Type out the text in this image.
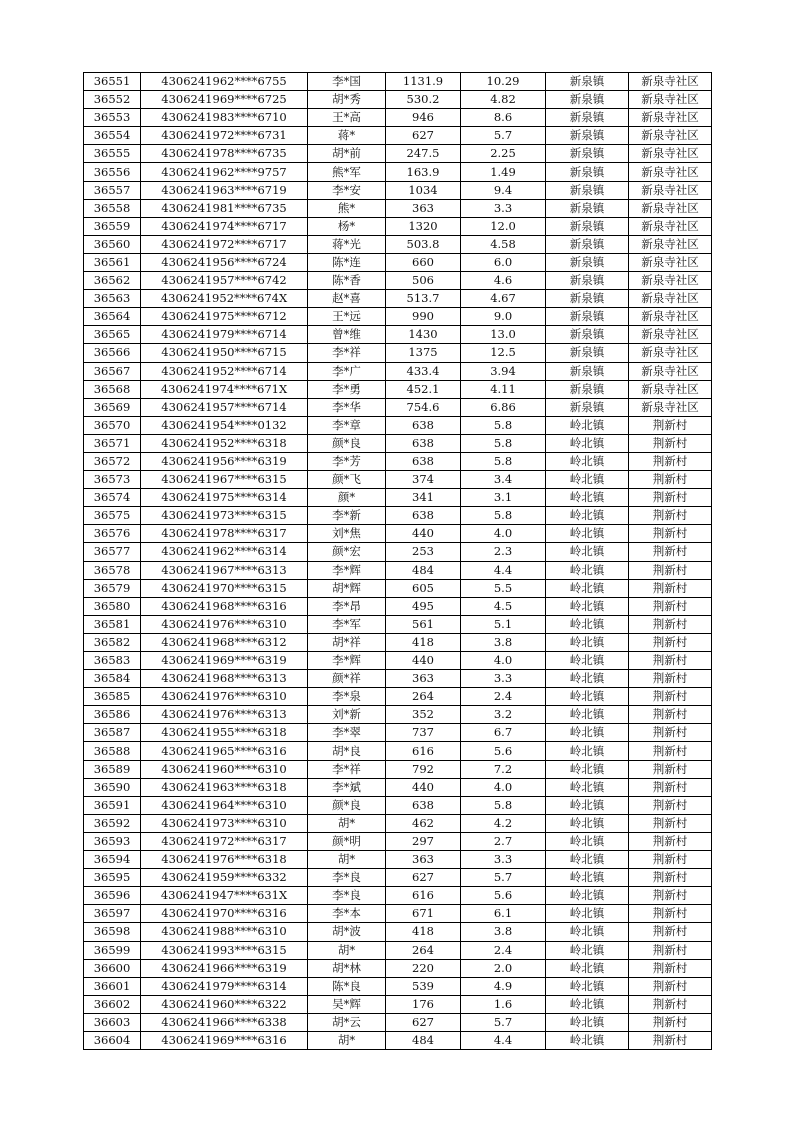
36551	4306241962****6755	李*国	1131.9	10.29	新泉镇	新泉寺社区
36552	4306241969****6725	胡*秀	530.2	4.82	新泉镇	新泉寺社区
36553	4306241983****6710	王*高	946	8.6	新泉镇	新泉寺社区
36554	4306241972****6731	蒋*	627	5.7	新泉镇	新泉寺社区
36555	4306241978****6735	胡*前	247.5	2.25	新泉镇	新泉寺社区
36556	4306241962****9757	熊*军	163.9	1.49	新泉镇	新泉寺社区
36557	4306241963****6719	李*安	1034	9.4	新泉镇	新泉寺社区
36558	4306241981****6735	熊*	363	3.3	新泉镇	新泉寺社区
36559	4306241974****6717	杨*	1320	12.0	新泉镇	新泉寺社区
36560	4306241972****6717	蒋*光	503.8	4.58	新泉镇	新泉寺社区
36561	4306241956****6724	陈*连	660	6.0	新泉镇	新泉寺社区
36562	4306241957****6742	陈*香	506	4.6	新泉镇	新泉寺社区
36563	4306241952****674X	赵*喜	513.7	4.67	新泉镇	新泉寺社区
36564	4306241975****6712	王*远	990	9.0	新泉镇	新泉寺社区
36565	4306241979****6714	曾*维	1430	13.0	新泉镇	新泉寺社区
36566	4306241950****6715	李*祥	1375	12.5	新泉镇	新泉寺社区
36567	4306241952****6714	李*广	433.4	3.94	新泉镇	新泉寺社区
36568	4306241974****671X	李*勇	452.1	4.11	新泉镇	新泉寺社区
36569	4306241957****6714	李*华	754.6	6.86	新泉镇	新泉寺社区
36570	4306241954****0132	李*章	638	5.8	岭北镇	荆新村
36571	4306241952****6318	颜*良	638	5.8	岭北镇	荆新村
36572	4306241956****6319	李*芳	638	5.8	岭北镇	荆新村
36573	4306241967****6315	颜*飞	374	3.4	岭北镇	荆新村
36574	4306241975****6314	颜*	341	3.1	岭北镇	荆新村
36575	4306241973****6315	李*新	638	5.8	岭北镇	荆新村
36576	4306241978****6317	刘*焦	440	4.0	岭北镇	荆新村
36577	4306241962****6314	颜*宏	253	2.3	岭北镇	荆新村
36578	4306241967****6313	李*辉	484	4.4	岭北镇	荆新村
36579	4306241970****6315	胡*辉	605	5.5	岭北镇	荆新村
36580	4306241968****6316	李*昂	495	4.5	岭北镇	荆新村
36581	4306241976****6310	李*军	561	5.1	岭北镇	荆新村
36582	4306241968****6312	胡*祥	418	3.8	岭北镇	荆新村
36583	4306241969****6319	李*辉	440	4.0	岭北镇	荆新村
36584	4306241968****6313	颜*祥	363	3.3	岭北镇	荆新村
36585	4306241976****6310	李*泉	264	2.4	岭北镇	荆新村
36586	4306241976****6313	刘*新	352	3.2	岭北镇	荆新村
36587	4306241955****6318	李*翠	737	6.7	岭北镇	荆新村
36588	4306241965****6316	胡*良	616	5.6	岭北镇	荆新村
36589	4306241960****6310	李*祥	792	7.2	岭北镇	荆新村
36590	4306241963****6318	李*斌	440	4.0	岭北镇	荆新村
36591	4306241964****6310	颜*良	638	5.8	岭北镇	荆新村
36592	4306241973****6310	胡*	462	4.2	岭北镇	荆新村
36593	4306241972****6317	颜*明	297	2.7	岭北镇	荆新村
36594	4306241976****6318	胡*	363	3.3	岭北镇	荆新村
36595	4306241959****6332	李*良	627	5.7	岭北镇	荆新村
36596	4306241947****631X	李*良	616	5.6	岭北镇	荆新村
36597	4306241970****6316	李*本	671	6.1	岭北镇	荆新村
36598	4306241988****6310	胡*波	418	3.8	岭北镇	荆新村
36599	4306241993****6315	胡*	264	2.4	岭北镇	荆新村
36600	4306241966****6319	胡*林	220	2.0	岭北镇	荆新村
36601	4306241979****6314	陈*良	539	4.9	岭北镇	荆新村
36602	4306241960****6322	吴*辉	176	1.6	岭北镇	荆新村
36603	4306241966****6338	胡*云	627	5.7	岭北镇	荆新村
36604	4306241969****6316	胡*	484	4.4	岭北镇	荆新村
